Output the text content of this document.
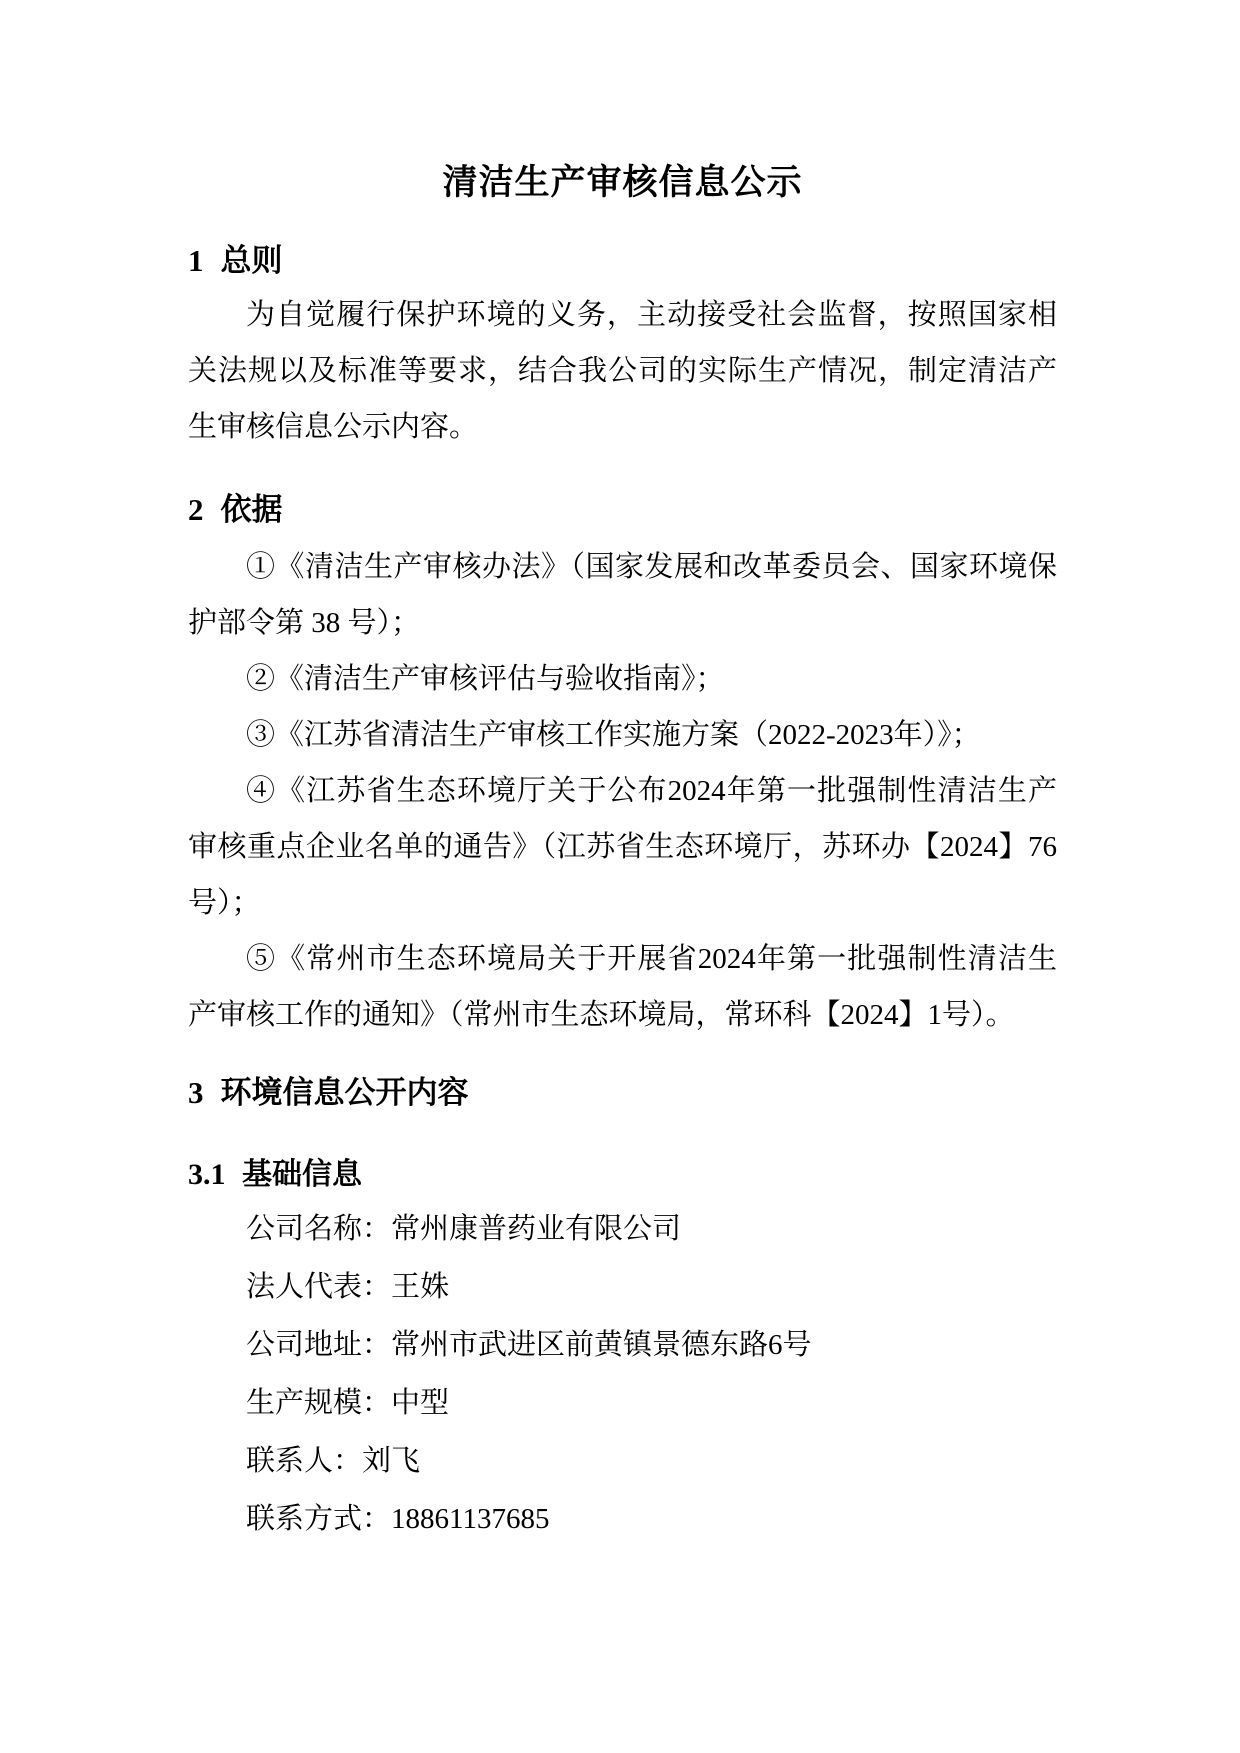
清洁生产审核信息公示

1 总则

为自觉履行保护环境的义务，主动接受社会监督，按照国家相关法规以及标准等要求，结合我公司的实际生产情况，制定清洁产生审核信息公示内容。

2 依据

①《清洁生产审核办法》（国家发展和改革委员会、国家环境保护部令第 38 号）；

②《清洁生产审核评估与验收指南》；

③《江苏省清洁生产审核工作实施方案（2022-2023年）》；

④《江苏省生态环境厅关于公布2024年第一批强制性清洁生产审核重点企业名单的通告》（江苏省生态环境厅，苏环办【2024】76号）；

⑤《常州市生态环境局关于开展省2024年第一批强制性清洁生产审核工作的通知》（常州市生态环境局，常环科【2024】1号）。

3 环境信息公开内容

3.1 基础信息

公司名称：常州康普药业有限公司

法人代表：王姝

公司地址：常州市武进区前黄镇景德东路6号

生产规模：中型

联系人：刘飞

联系方式：18861137685
